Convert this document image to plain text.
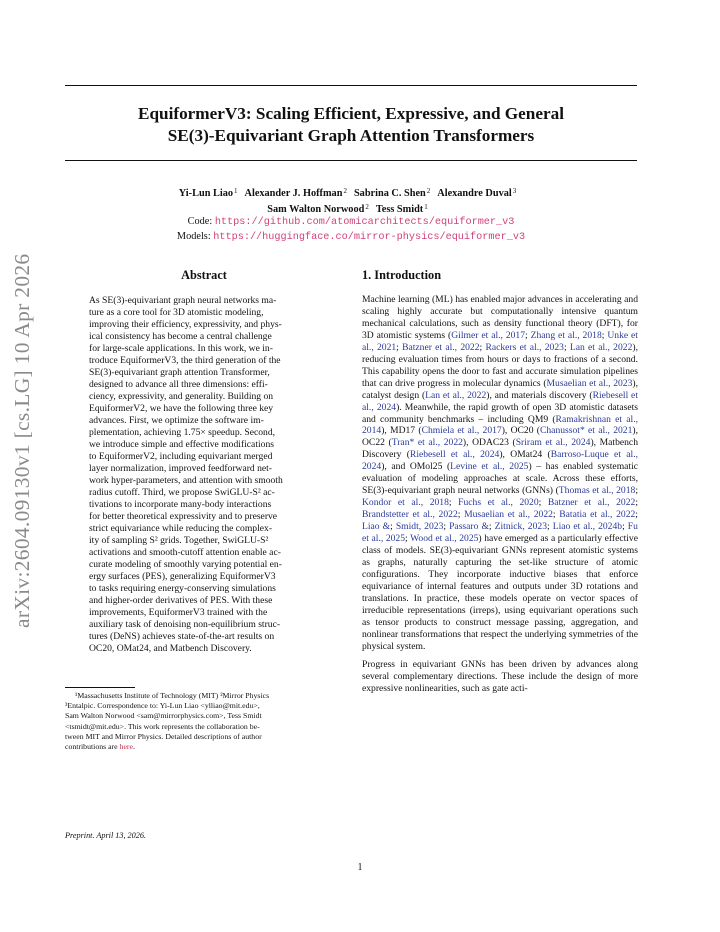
EquiformerV3: Scaling Efficient, Expressive, and General
SE(3)-Equivariant Graph Attention Transformers
Yi-Lun Liao$^1$ Alexander J. Hoffman$^2$ Sabrina C. Shen$^2$ Alexandre Duval$^3$
Sam Walton Norwood$^2$ Tess Smidt$^1$
Code: https://github.com/atomicarchitects/equiformer_v3
Models: https://huggingface.co/mirror-physics/equiformer_v3
arXiv:2604.09130v1 [cs.LG] 10 Apr 2026	Abstract
As SE(3)-equivariant graph neural networks ma-
ture as a core tool for 3D atomistic modeling,
improving their efficiency, expressivity, and phys-
ical consistency has become a central challenge
for large-scale applications. In this work, we in-
troduce EquiformerV3, the third generation of the
SE(3)-equivariant graph attention Transformer,
designed to advance all three dimensions: effi-
ciency, expressivity, and generality. Building on
EquiformerV2, we have the following three key
advances. First, we optimize the software im-
plementation, achieving 1.75× speedup. Second,
we introduce simple and effective modifications
to EquiformerV2, including equivariant merged
layer normalization, improved feedforward net-
work hyper-parameters, and attention with smooth
radius cutoff. Third, we propose SwiGLU-S² ac-
tivations to incorporate many-body interactions
for better theoretical expressivity and to preserve
strict equivariance while reducing the complex-
ity of sampling S² grids. Together, SwiGLU-S²
activations and smooth-cutoff attention enable ac-
curate modeling of smoothly varying potential en-
ergy surfaces (PES), generalizing EquiformerV3
to tasks requiring energy-conserving simulations
and higher-order derivatives of PES. With these
improvements, EquiformerV3 trained with the
auxiliary task of denoising non-equilibrium struc-
tures (DeNS) achieves state-of-the-art results on
OC20, OMat24, and Matbench Discovery.
¹Massachusetts Institute of Technology (MIT) ²Mirror Physics
³Entalpic. Correspondence to: Yi-Lun Liao <ylliao@mit.edu>,
Sam Walton Norwood <sam@mirrorphysics.com>, Tess Smidt
<tsmidt@mit.edu>. This work represents the collaboration be-
tween MIT and Mirror Physics. Detailed descriptions of author
contributions are here.
Preprint. April 13, 2026.
1. Introduction

Machine learning (ML) has enabled major advances in accelerating and scaling highly accurate but computationally intensive quantum mechanical calculations, such as density functional theory (DFT), for 3D atomistic systems (Gilmer et al., 2017; Zhang et al., 2018; Unke et al., 2021; Batzner et al., 2022; Rackers et al., 2023; Lan et al., 2022), reducing evaluation times from hours or days to fractions of a second. This capability opens the door to fast and accurate simulation pipelines that can drive progress in molecular dynamics (Musaelian et al., 2023), catalyst design (Lan et al., 2022), and materials discovery (Riebesell et al., 2024). Meanwhile, the rapid growth of open 3D atomistic datasets and community benchmarks – including QM9 (Ramakrishnan et al., 2014), MD17 (Chmiela et al., 2017), OC20 (Chanussot* et al., 2021), OC22 (Tran* et al., 2022), ODAC23 (Sriram et al., 2024), Matbench Discovery (Riebesell et al., 2024), OMat24 (Barroso-Luque et al., 2024), and OMol25 (Levine et al., 2025) – has enabled systematic evaluation of modeling approaches at scale. Across these efforts, SE(3)-equivariant graph neural networks (GNNs) (Thomas et al., 2018; Kondor et al., 2018; Fuchs et al., 2020; Batzner et al., 2022; Brandstetter et al., 2022; Musaelian et al., 2022; Batatia et al., 2022; Liao &; Smidt, 2023; Passaro &; Zitnick, 2023; Liao et al., 2024b; Fu et al., 2025; Wood et al., 2025) have emerged as a particularly effective class of models. SE(3)-equivariant GNNs represent atomistic systems as graphs, naturally capturing the set-like structure of atomic configurations. They incorporate inductive biases that enforce equivariance of internal features and outputs under 3D rotations and translations. In practice, these models operate on vector spaces of irreducible representations (irreps), using equivariant operations such as tensor products to construct message passing, aggregation, and nonlinear transformations that respect the underlying symmetries of the physical system.

Progress in equivariant GNNs has been driven by advances along several complementary directions. These include the design of more expressive nonlinearities, such as gate acti-

1
